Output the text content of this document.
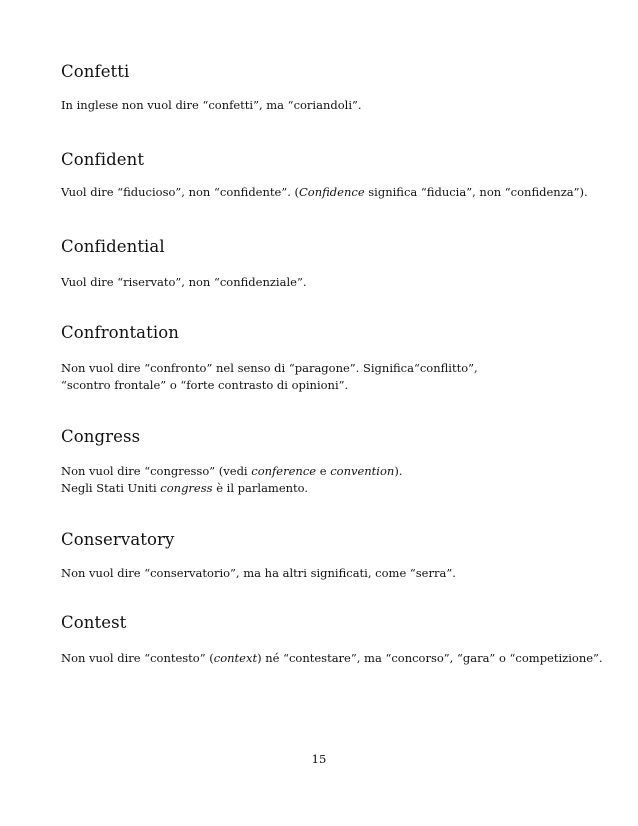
Confetti

In inglese non vuol dire “confetti”, ma “coriandoli”.

Confident

Vuol dire “fiducioso”, non “confidente”. (Confidence significa “fiducia”, non “confidenza”).

Confidential

Vuol dire “riservato”, non “confidenziale”.

Confrontation

Non vuol dire “confronto” nel senso di “paragone”. Significa“conflitto”,
“scontro frontale” o “forte contrasto di opinioni”.

Congress

Non vuol dire “congresso” (vedi conference e convention).
Negli Stati Uniti congress è il parlamento.

Conservatory

Non vuol dire “conservatorio”, ma ha altri significati, come “serra”.

Contest

Non vuol dire “contesto” (context) né “contestare”, ma “concorso”, “gara” o “competizione”.

15
